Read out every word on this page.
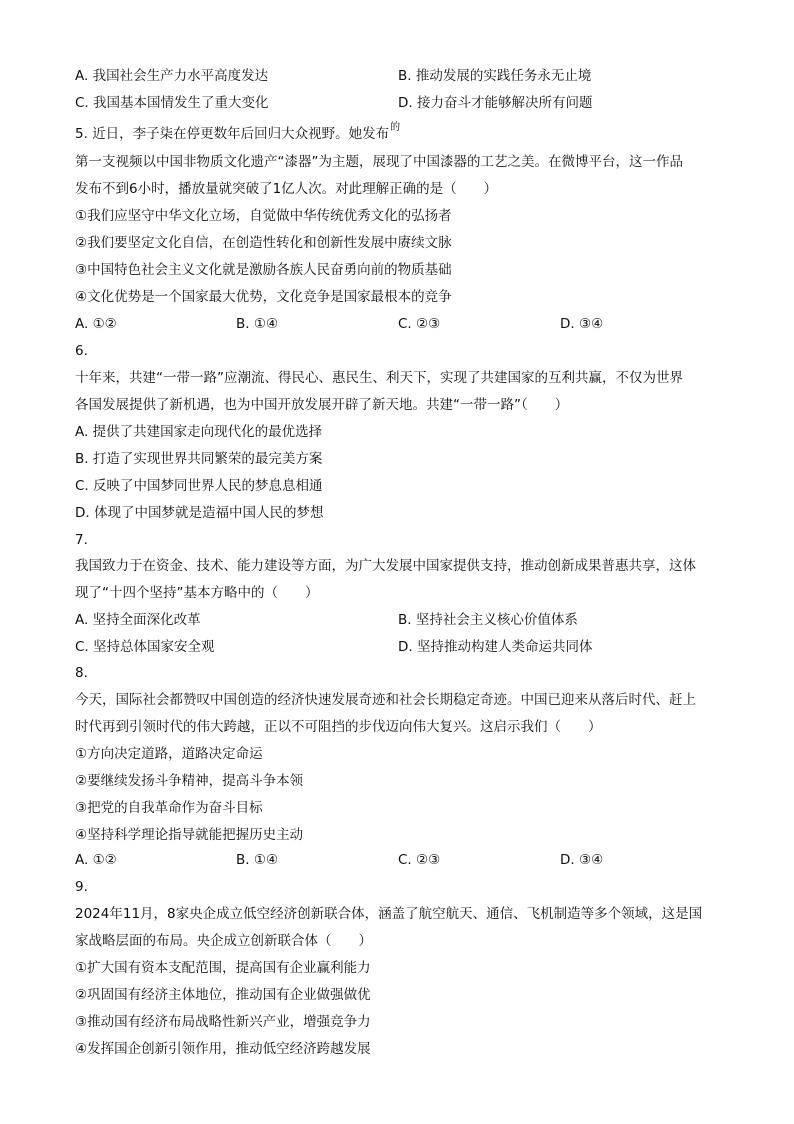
A. 我国社会生产力水平高度发达	B. 推动发展的实践任务永无止境
C. 我国基本国情发生了重大变化	D. 接力奋斗才能够解决所有问题
5. 近日，李子柒在停更数年后回归大众视野。她发布$^的$
第一支视频以中国非物质文化遗产“漆器”为主题，展现了中国漆器的工艺之美。在微博平台，这一作品
发布不到6小时，播放量就突破了1亿人次。对此理解正确的是（　　）
①我们应坚守中华文化立场，自觉做中华传统优秀文化的弘扬者
②我们要坚定文化自信，在创造性转化和创新性发展中赓续文脉
③中国特色社会主义文化就是激励各族人民奋勇向前的物质基础
④文化优势是一个国家最大优势，文化竞争是国家最根本的竞争
A. ①②	B. ①④	C. ②③	D. ③④
6.
十年来，共建“一带一路”应潮流、得民心、惠民生、利天下，实现了共建国家的互利共赢，不仅为世界
各国发展提供了新机遇，也为中国开放发展开辟了新天地。共建“一带一路”（　　）
A. 提供了共建国家走向现代化的最优选择
B. 打造了实现世界共同繁荣的最完美方案
C. 反映了中国梦同世界人民的梦息息相通
D. 体现了中国梦就是造福中国人民的梦想
7.
我国致力于在资金、技术、能力建设等方面，为广大发展中国家提供支持，推动创新成果普惠共享，这体
现了“十四个坚持”基本方略中的（　　）
A. 坚持全面深化改革	B. 坚持社会主义核心价值体系
C. 坚持总体国家安全观	D. 坚持推动构建人类命运共同体
8.
今天，国际社会都赞叹中国创造的经济快速发展奇迹和社会长期稳定奇迹。中国已迎来从落后时代、赶上
时代再到引领时代的伟大跨越，正以不可阻挡的步伐迈向伟大复兴。这启示我们（　　）
①方向决定道路，道路决定命运
②要继续发扬斗争精神，提高斗争本领
③把党的自我革命作为奋斗目标
④坚持科学理论指导就能把握历史主动
A. ①②	B. ①④	C. ②③	D. ③④
9.
2024年11月，8家央企成立低空经济创新联合体，涵盖了航空航天、通信、飞机制造等多个领域，这是国
家战略层面的布局。央企成立创新联合体（　　）
①扩大国有资本支配范围，提高国有企业赢利能力
②巩固国有经济主体地位，推动国有企业做强做优
③推动国有经济布局战略性新兴产业，增强竞争力
④发挥国企创新引领作用，推动低空经济跨越发展
